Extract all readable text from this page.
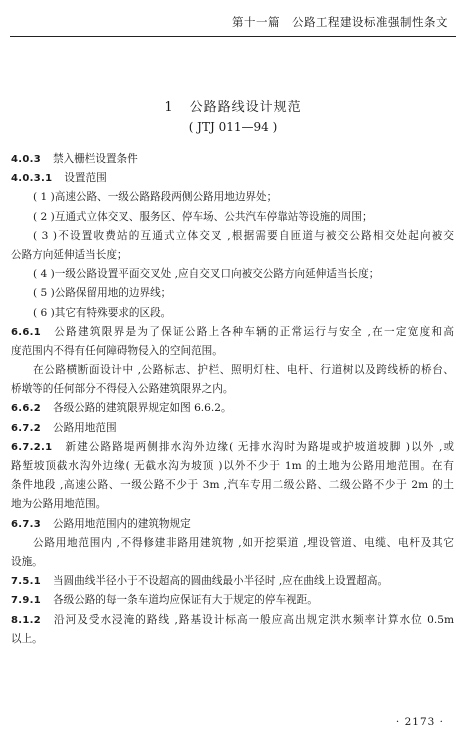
第十一篇　公路工程建设标准强制性条文
1 公路路线设计规范
( JTJ 011—94 )
4.0.3 禁入栅栏设置条件
4.0.3.1 设置范围
( 1 )高速公路、一级公路路段两侧公路用地边界处；
( 2 )互通式立体交叉、服务区、停车场、公共汽车停靠站等设施的周围；
( 3 )不设置收费站的互通式立体交叉 ,根据需要自匝道与被交公路相交处起向被交
公路方向延伸适当长度；
( 4 )一级公路设置平面交叉处 ,应自交叉口向被交公路方向延伸适当长度；
( 5 )公路保留用地的边界线；
( 6 )其它有特殊要求的区段。
6.6.1 公路建筑限界是为了保证公路上各种车辆的正常运行与安全 ,在一定宽度和高
度范围内不得有任何障碍物侵入的空间范围。
在公路横断面设计中 ,公路标志、护栏、照明灯柱、电杆、行道树以及跨线桥的桥台、
桥墩等的任何部分不得侵入公路建筑限界之内。
6.6.2 各级公路的建筑限界规定如图 6.6.2。
6.7.2 公路用地范围
6.7.2.1 新建公路路堤两侧排水沟外边缘( 无排水沟时为路堤或护坡道坡脚 )以外 ,或
路堑坡顶截水沟外边缘( 无截水沟为坡顶 )以外不少于 1m 的土地为公路用地范围。在有
条件地段 ,高速公路、一级公路不少于 3m ,汽车专用二级公路、二级公路不少于 2m 的土
地为公路用地范围。
6.7.3 公路用地范围内的建筑物规定
公路用地范围内 ,不得修建非路用建筑物 ,如开挖渠道 ,埋设管道、电缆、电杆及其它
设施。
7.5.1 当圆曲线半径小于不设超高的圆曲线最小半径时 ,应在曲线上设置超高。
7.9.1 各级公路的每一条车道均应保证有大于规定的停车视距。
8.1.2 沿河及受水浸淹的路线 ,路基设计标高一般应高出规定洪水频率计算水位 0.5m
以上。
· 2173 ·
